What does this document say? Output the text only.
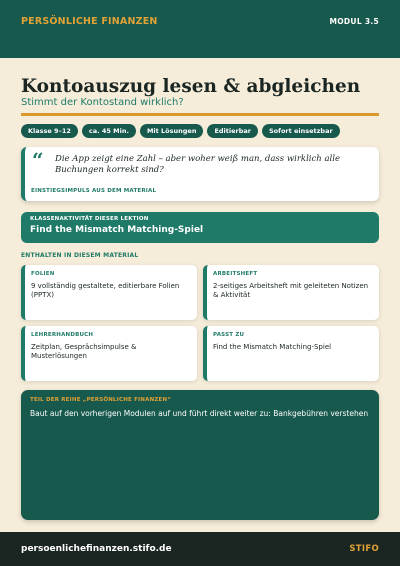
PERSÖNLICHE FINANZEN	MODUL 3.5
Kontoauszug lesen & abgleichen
Stimmt der Kontostand wirklich?
Klasse 9–12	ca. 45 Min.	Mit Lösungen	Editierbar	Sofort einsetzbar
“ Die App zeigt eine Zahl – aber woher weiß man, dass wirklich alle Buchungen korrekt sind?
EINSTIEGSIMPULS AUS DEM MATERIAL
KLASSENAKTIVITÄT DIESER LEKTION
Find the Mismatch Matching-Spiel
ENTHALTEN IN DIESEM MATERIAL
FOLIEN
9 vollständig gestaltete, editierbare Folien (PPTX)
ARBEITSHEFT
2-seitiges Arbeitsheft mit geleiteten Notizen & Aktivität
LEHRERHANDBUCH
Zeitplan, Gesprächsimpulse & Musterlösungen
PASST ZU
Find the Mismatch Matching-Spiel
TEIL DER REIHE „PERSÖNLICHE FINANZEN“
Baut auf den vorherigen Modulen auf und führt direkt weiter zu: Bankgebühren verstehen
persoenlichefinanzen.stifo.de	STIFO
